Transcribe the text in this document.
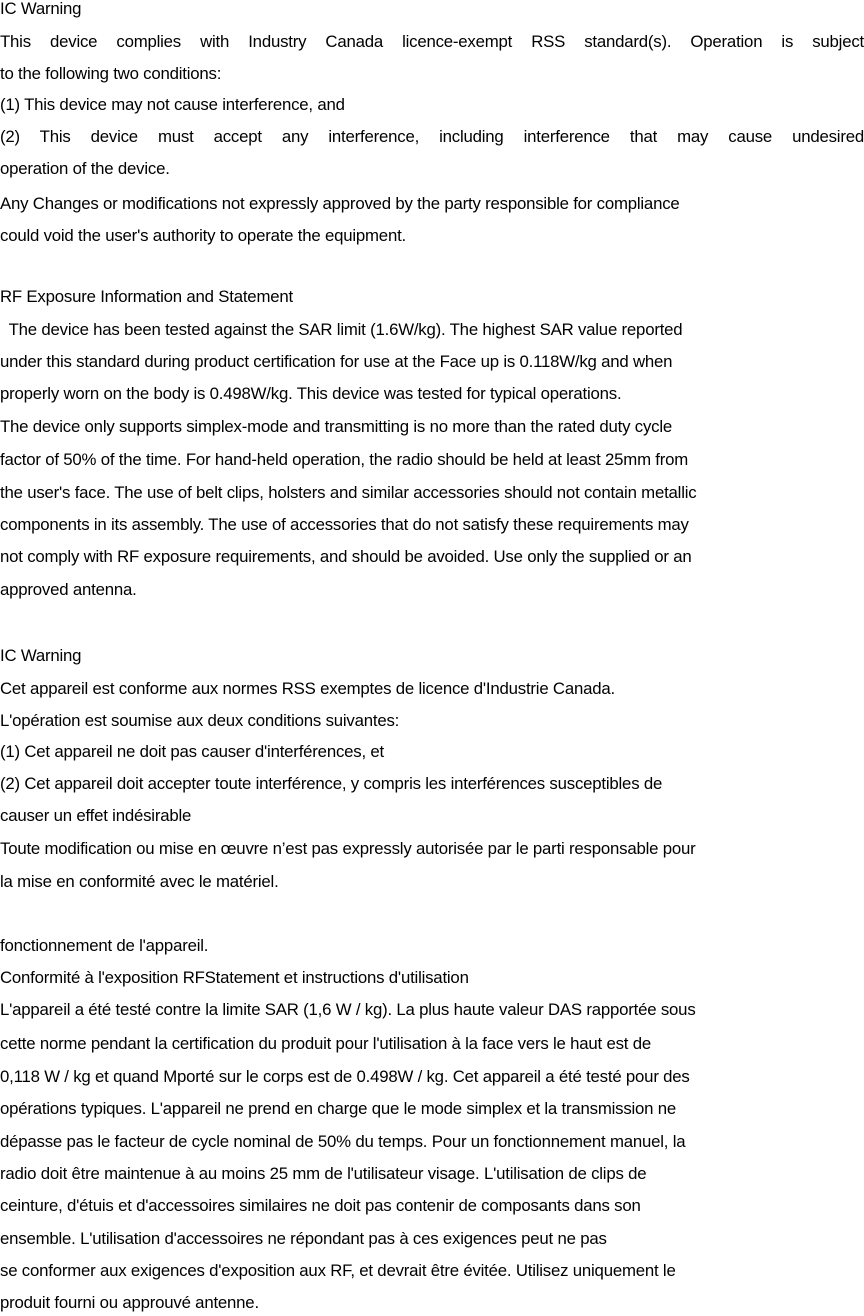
IC Warning
This device complies with Industry Canada licence-exempt RSS standard(s). Operation is subject
to the following two conditions:
(1) This device may not cause interference, and
(2) This device must accept any interference, including interference that may cause undesired
operation of the device.
Any Changes or modifications not expressly approved by the party responsible for compliance
could void the user's authority to operate the equipment.
RF Exposure Information and Statement
The device has been tested against the SAR limit (1.6W/kg). The highest SAR value reported
under this standard during product certification for use at the Face up is 0.118W/kg and when
properly worn on the body is 0.498W/kg. This device was tested for typical operations.
The device only supports simplex-mode and transmitting is no more than the rated duty cycle
factor of 50% of the time. For hand-held operation, the radio should be held at least 25mm from
the user's face. The use of belt clips, holsters and similar accessories should not contain metallic
components in its assembly. The use of accessories that do not satisfy these requirements may
not comply with RF exposure requirements, and should be avoided. Use only the supplied or an
approved antenna.
IC Warning
Cet appareil est conforme aux normes RSS exemptes de licence d'Industrie Canada.
L'opération est soumise aux deux conditions suivantes:
(1) Cet appareil ne doit pas causer d'interférences, et
(2) Cet appareil doit accepter toute interférence, y compris les interférences susceptibles de
causer un effet indésirable
Toute modification ou mise en œuvre n’est pas expressly autorisée par le parti responsable pour
la mise en conformité avec le matériel.
fonctionnement de l'appareil.
Conformité à l'exposition RFStatement et instructions d'utilisation
L'appareil a été testé contre la limite SAR (1,6 W / kg). La plus haute valeur DAS rapportée sous
cette norme pendant la certification du produit pour l'utilisation à la face vers le haut est de
0,118 W / kg et quand Mporté sur le corps est de 0.498W / kg. Cet appareil a été testé pour des
opérations typiques. L'appareil ne prend en charge que le mode simplex et la transmission ne
dépasse pas le facteur de cycle nominal de 50% du temps. Pour un fonctionnement manuel, la
radio doit être maintenue à au moins 25 mm de l'utilisateur visage. L'utilisation de clips de
ceinture, d'étuis et d'accessoires similaires ne doit pas contenir de composants dans son
ensemble. L'utilisation d'accessoires ne répondant pas à ces exigences peut ne pas
se conformer aux exigences d'exposition aux RF, et devrait être évitée. Utilisez uniquement le
produit fourni ou approuvé antenne.
